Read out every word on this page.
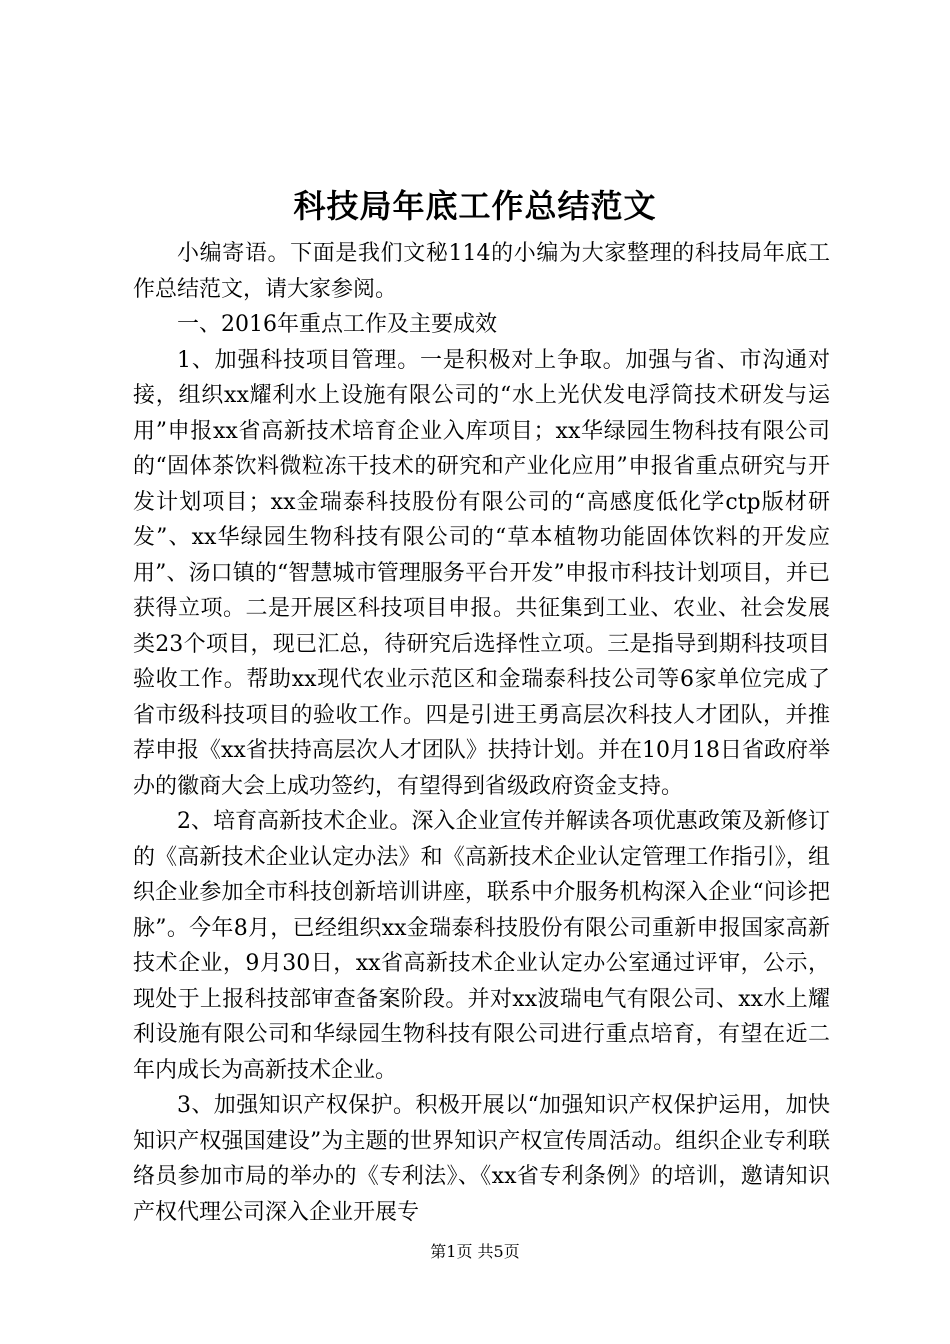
科技局年底工作总结范文

小编寄语。下面是我们文秘114的小编为大家整理的科技局年底工作总结范文，请大家参阅。

一、2016年重点工作及主要成效

1、加强科技项目管理。一是积极对上争取。加强与省、市沟通对接，组织xx耀利水上设施有限公司的“水上光伏发电浮筒技术研发与运用”申报xx省高新技术培育企业入库项目；xx华绿园生物科技有限公司的“固体茶饮料微粒冻干技术的研究和产业化应用”申报省重点研究与开发计划项目；xx金瑞泰科技股份有限公司的“高感度低化学ctp版材研发”、xx华绿园生物科技有限公司的“草本植物功能固体饮料的开发应用”、汤口镇的“智慧城市管理服务平台开发”申报市科技计划项目，并已获得立项。二是开展区科技项目申报。共征集到工业、农业、社会发展类23个项目，现已汇总，待研究后选择性立项。三是指导到期科技项目验收工作。帮助xx现代农业示范区和金瑞泰科技公司等6家单位完成了省市级科技项目的验收工作。四是引进王勇高层次科技人才团队，并推荐申报《xx省扶持高层次人才团队》扶持计划。并在10月18日省政府举办的徽商大会上成功签约，有望得到省级政府资金支持。

2、培育高新技术企业。深入企业宣传并解读各项优惠政策及新修订的《高新技术企业认定办法》和《高新技术企业认定管理工作指引》，组织企业参加全市科技创新培训讲座，联系中介服务机构深入企业“问诊把脉”。今年8月，已经组织xx金瑞泰科技股份有限公司重新申报国家高新技术企业，9月30日，xx省高新技术企业认定办公室通过评审，公示，现处于上报科技部审查备案阶段。并对xx波瑞电气有限公司、xx水上耀利设施有限公司和华绿园生物科技有限公司进行重点培育，有望在近二年内成长为高新技术企业。

3、加强知识产权保护。积极开展以“加强知识产权保护运用，加快知识产权强国建设”为主题的世界知识产权宣传周活动。组织企业专利联络员参加市局的举办的《专利法》、《xx省专利条例》的培训，邀请知识产权代理公司深入企业开展专

第1页 共5页
